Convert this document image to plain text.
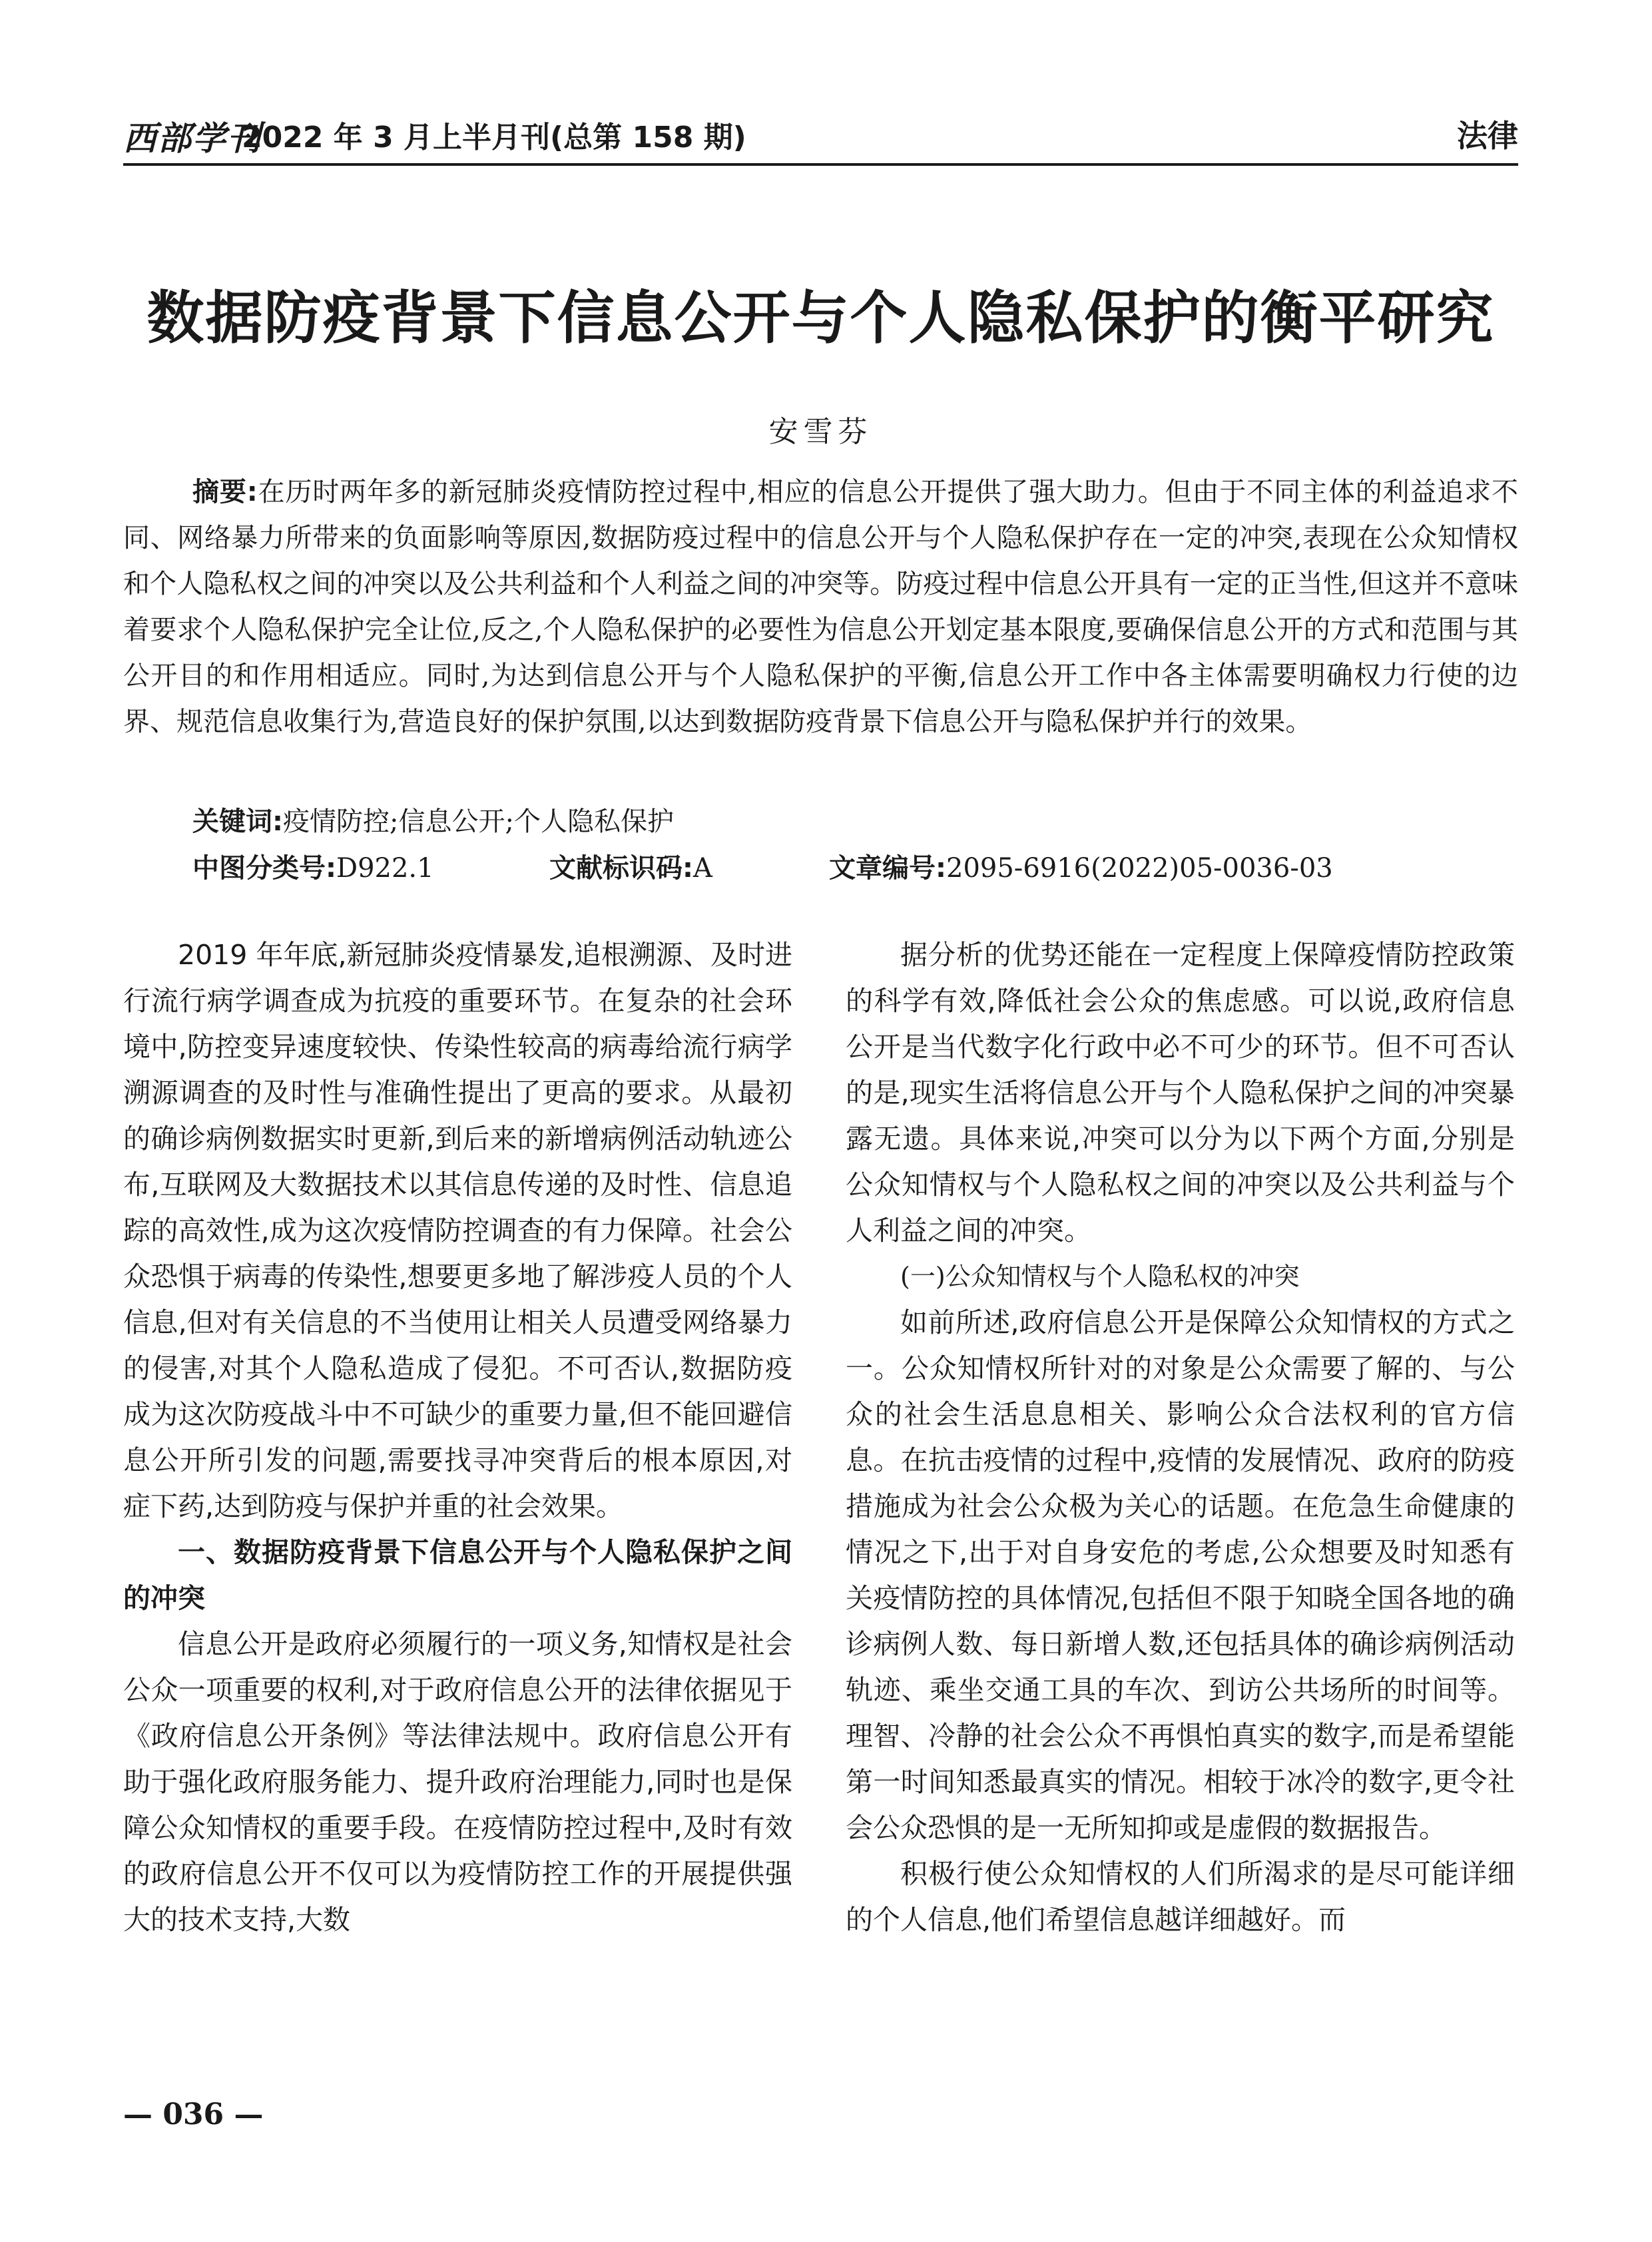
西部学刊
2022 年 3 月上半月刊(总第 158 期)	法律
数据防疫背景下信息公开与个人隐私保护的衡平研究
安雪芬
摘要:在历时两年多的新冠肺炎疫情防控过程中,相应的信息公开提供了强大助力。但由于不同主体的利益追求不同、网络暴力所带来的负面影响等原因,数据防疫过程中的信息公开与个人隐私保护存在一定的冲突,表现在公众知情权和个人隐私权之间的冲突以及公共利益和个人利益之间的冲突等。防疫过程中信息公开具有一定的正当性,但这并不意味着要求个人隐私保护完全让位,反之,个人隐私保护的必要性为信息公开划定基本限度,要确保信息公开的方式和范围与其公开目的和作用相适应。同时,为达到信息公开与个人隐私保护的平衡,信息公开工作中各主体需要明确权力行使的边界、规范信息收集行为,营造良好的保护氛围,以达到数据防疫背景下信息公开与隐私保护并行的效果。
关键词:疫情防控;信息公开;个人隐私保护
中图分类号:D922.1	文献标识码:A	文章编号:2095-6916(2022)05-0036-03

2019 年年底,新冠肺炎疫情暴发,追根溯源、及时进行流行病学调查成为抗疫的重要环节。在复杂的社会环境中,防控变异速度较快、传染性较高的病毒给流行病学溯源调查的及时性与准确性提出了更高的要求。从最初的确诊病例数据实时更新,到后来的新增病例活动轨迹公布,互联网及大数据技术以其信息传递的及时性、信息追踪的高效性,成为这次疫情防控调查的有力保障。社会公众恐惧于病毒的传染性,想要更多地了解涉疫人员的个人信息,但对有关信息的不当使用让相关人员遭受网络暴力的侵害,对其个人隐私造成了侵犯。不可否认,数据防疫成为这次防疫战斗中不可缺少的重要力量,但不能回避信息公开所引发的问题,需要找寻冲突背后的根本原因,对症下药,达到防疫与保护并重的社会效果。

一、数据防疫背景下信息公开与个人隐私保护之间的冲突

信息公开是政府必须履行的一项义务,知情权是社会公众一项重要的权利,对于政府信息公开的法律依据见于《政府信息公开条例》等法律法规中。政府信息公开有助于强化政府服务能力、提升政府治理能力,同时也是保障公众知情权的重要手段。在疫情防控过程中,及时有效的政府信息公开不仅可以为疫情防控工作的开展提供强大的技术支持,大数

据分析的优势还能在一定程度上保障疫情防控政策的科学有效,降低社会公众的焦虑感。可以说,政府信息公开是当代数字化行政中必不可少的环节。但不可否认的是,现实生活将信息公开与个人隐私保护之间的冲突暴露无遗。具体来说,冲突可以分为以下两个方面,分别是公众知情权与个人隐私权之间的冲突以及公共利益与个人利益之间的冲突。

(一)公众知情权与个人隐私权的冲突

如前所述,政府信息公开是保障公众知情权的方式之一。公众知情权所针对的对象是公众需要了解的、与公众的社会生活息息相关、影响公众合法权利的官方信息。在抗击疫情的过程中,疫情的发展情况、政府的防疫措施成为社会公众极为关心的话题。在危急生命健康的情况之下,出于对自身安危的考虑,公众想要及时知悉有关疫情防控的具体情况,包括但不限于知晓全国各地的确诊病例人数、每日新增人数,还包括具体的确诊病例活动轨迹、乘坐交通工具的车次、到访公共场所的时间等。理智、冷静的社会公众不再惧怕真实的数字,而是希望能第一时间知悉最真实的情况。相较于冰冷的数字,更令社会公众恐惧的是一无所知抑或是虚假的数据报告。

积极行使公众知情权的人们所渴求的是尽可能详细的个人信息,他们希望信息越详细越好。而

— 036 —
